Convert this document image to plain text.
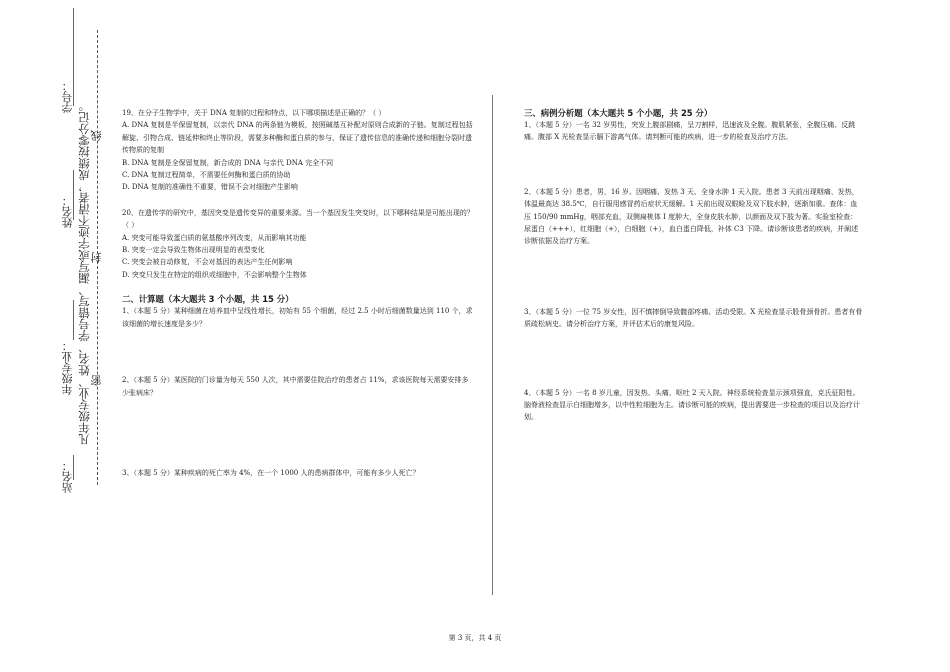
学号：
姓名：
年级专业：
站名：
凡年级专业、姓名、学号错写、漏写或字迹不清者，成绩按零分记。 线
封
密

19、在分子生物学中，关于 DNA 复制的过程和特点，以下哪项描述是正确的？（ ）

A. DNA 复制是半保留复制，以亲代 DNA 的两条链为模板，按照碱基互补配对原则合成新的子链。复制过程包括解旋、引物合成、链延伸和终止等阶段，需要多种酶和蛋白质的参与，保证了遗传信息的准确传递和细胞分裂时遗传物质的复制

B. DNA 复制是全保留复制，新合成的 DNA 与亲代 DNA 完全不同

C. DNA 复制过程简单，不需要任何酶和蛋白质的协助

D. DNA 复制的准确性不重要，错误不会对细胞产生影响

20、在遗传学的研究中，基因突变是遗传变异的重要来源。当一个基因发生突变时，以下哪种结果是可能出现的？（ ）

A. 突变可能导致蛋白质的氨基酸序列改变，从而影响其功能

B. 突变一定会导致生物体出现明显的表型变化

C. 突变会被自动修复，不会对基因的表达产生任何影响

D. 突变只发生在特定的组织或细胞中，不会影响整个生物体

二、计算题（本大题共 3 个小题，共 15 分）

1、（本题 5 分）某种细菌在培养皿中呈线性增长，初始有 55 个细菌，经过 2.5 小时后细菌数量达到 110 个，求该细菌的增长速度是多少？

2、（本题 5 分）某医院的门诊量为每天 550 人次，其中需要住院治疗的患者占 11%，求该医院每天需要安排多少张病床？

3、（本题 5 分）某种疾病的死亡率为 4%，在一个 1000 人的患病群体中，可能有多少人死亡？

三、病例分析题（本大题共 5 个小题，共 25 分）

1、（本题 5 分）一名 32 岁男性，突发上腹部剧痛，呈刀割样，迅速波及全腹。腹肌紧张，全腹压痛、反跳痛。腹部 X 光检查显示膈下游离气体。请判断可能的疾病，进一步的检查及治疗方法。

2、（本题 5 分）患者，男，16 岁。因咽痛、发热 3 天、全身水肿 1 天入院。患者 3 天前出现咽痛、发热，体温最高达 38.5℃，自行服用感冒药后症状无缓解。1 天前出现双眼睑及双下肢水肿，逐渐加重。查体：血压 150/90 mmHg，咽部充血，双侧扁桃体 I 度肿大，全身皮肤水肿，以颜面及双下肢为著。实验室检查：尿蛋白（+++），红细胞（+），白细胞（+），血白蛋白降低，补体 C3 下降。请诊断该患者的疾病，并阐述诊断依据及治疗方案。

3、（本题 5 分）一位 75 岁女性，因不慎摔倒导致髋部疼痛、活动受限。X 光检查显示股骨颈骨折。患者有骨质疏松病史。请分析治疗方案，并评估术后的康复风险。

4、（本题 5 分）一名 8 岁儿童，因发热、头痛、呕吐 2 天入院。神经系统检查显示颈项强直，克氏征阳性。脑脊液检查显示白细胞增多，以中性粒细胞为主。请诊断可能的疾病，提出需要进一步检查的项目以及治疗计划。

第 3 页，共 4 页
